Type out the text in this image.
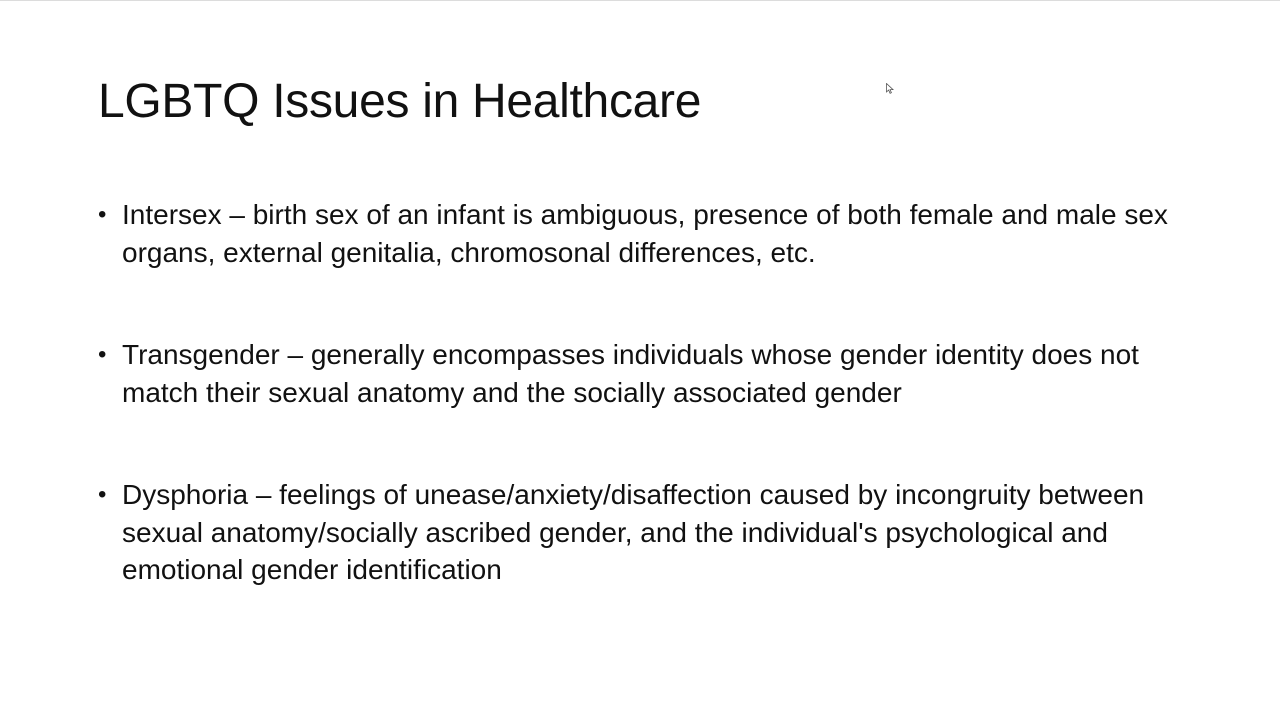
LGBTQ Issues in Healthcare
• Intersex – birth sex of an infant is ambiguous, presence of both female and male sex organs, external genitalia, chromosonal differences, etc.
• Transgender – generally encompasses individuals whose gender identity does not match their sexual anatomy and the socially associated gender
• Dysphoria – feelings of unease/anxiety/disaffection caused by incongruity between sexual anatomy/socially ascribed gender, and the individual's psychological and emotional gender identification
